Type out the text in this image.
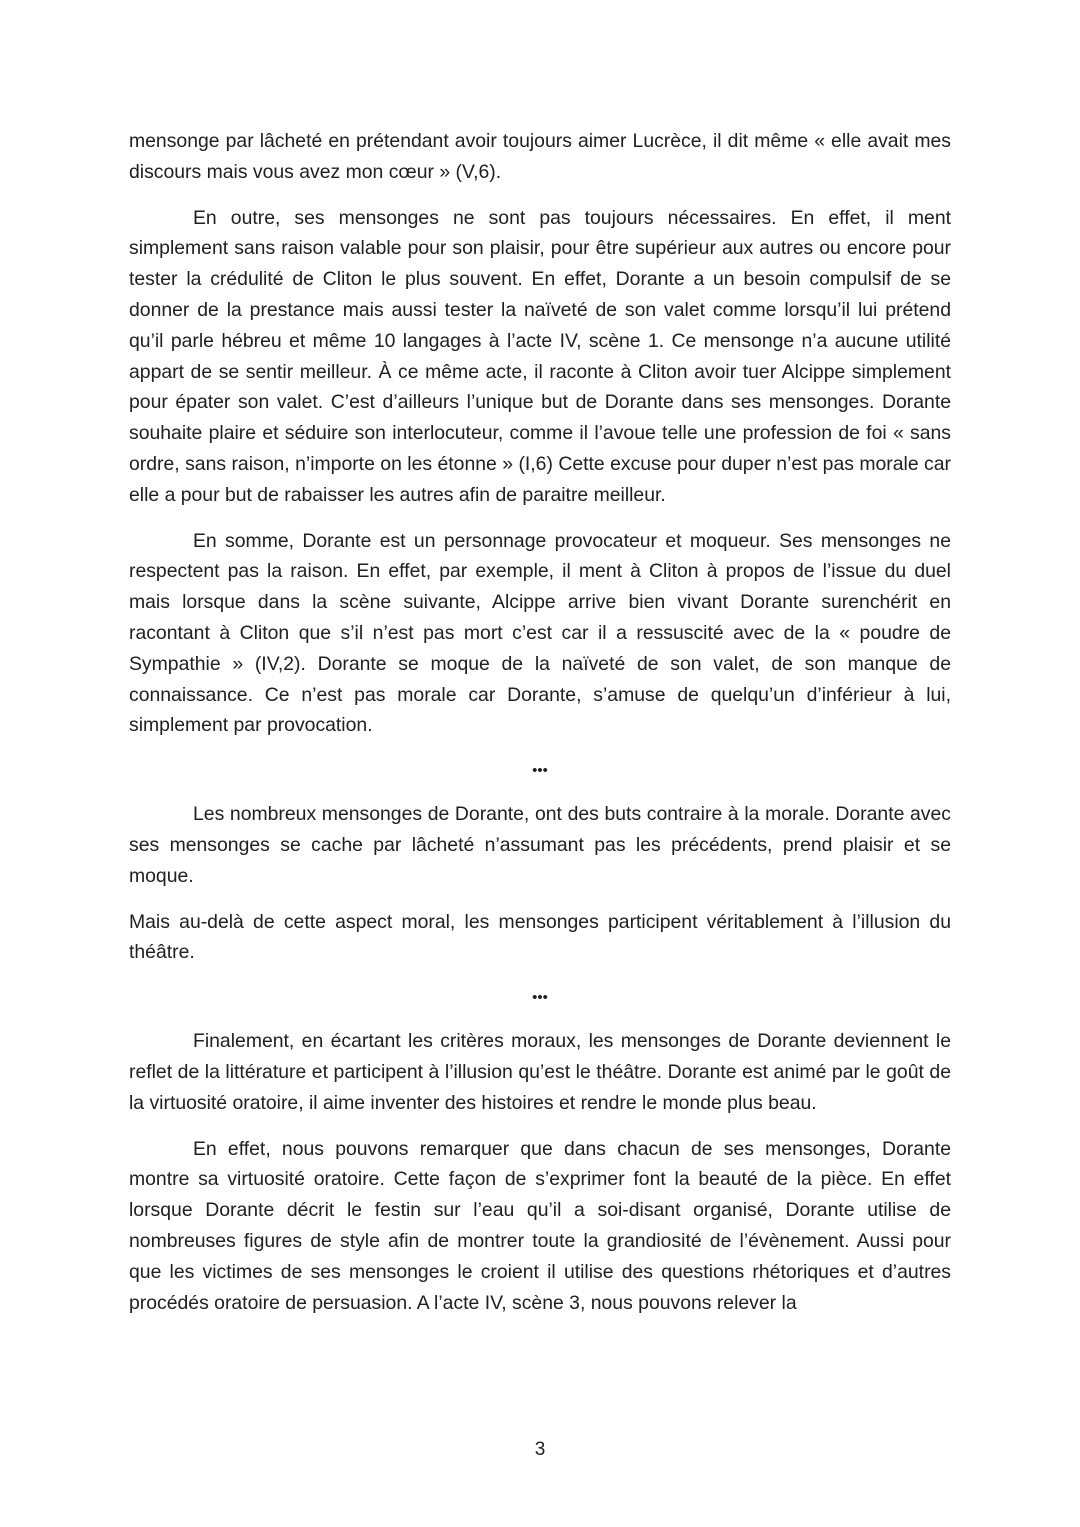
mensonge par lâcheté en prétendant avoir toujours aimer Lucrèce, il dit même « elle avait mes discours mais vous avez mon cœur » (V,6).

En outre, ses mensonges ne sont pas toujours nécessaires. En effet, il ment simplement sans raison valable pour son plaisir, pour être supérieur aux autres ou encore pour tester la crédulité de Cliton le plus souvent. En effet, Dorante a un besoin compulsif de se donner de la prestance mais aussi tester la naïveté de son valet comme lorsqu’il lui prétend qu’il parle hébreu et même 10 langages à l’acte IV, scène 1. Ce mensonge n’a aucune utilité appart de se sentir meilleur. À ce même acte, il raconte à Cliton avoir tuer Alcippe simplement pour épater son valet. C’est d’ailleurs l’unique but de Dorante dans ses mensonges. Dorante souhaite plaire et séduire son interlocuteur, comme il l’avoue telle une profession de foi « sans ordre, sans raison, n’importe on les étonne » (I,6) Cette excuse pour duper n’est pas morale car elle a pour but de rabaisser les autres afin de paraitre meilleur.

En somme, Dorante est un personnage provocateur et moqueur. Ses mensonges ne respectent pas la raison. En effet, par exemple, il ment à Cliton à propos de l’issue du duel mais lorsque dans la scène suivante, Alcippe arrive bien vivant Dorante surenchérit en racontant à Cliton que s’il n’est pas mort c’est car il a ressuscité avec de la « poudre de Sympathie » (IV,2). Dorante se moque de la naïveté de son valet, de son manque de connaissance. Ce n’est pas morale car Dorante, s’amuse de quelqu’un d’inférieur à lui, simplement par provocation.

•••

Les nombreux mensonges de Dorante, ont des buts contraire à la morale. Dorante avec ses mensonges se cache par lâcheté n’assumant pas les précédents, prend plaisir et se moque.

Mais au-delà de cette aspect moral, les mensonges participent véritablement à l’illusion du théâtre.

•••

Finalement, en écartant les critères moraux, les mensonges de Dorante deviennent le reflet de la littérature et participent à l’illusion qu’est le théâtre. Dorante est animé par le goût de la virtuosité oratoire, il aime inventer des histoires et rendre le monde plus beau.

En effet, nous pouvons remarquer que dans chacun de ses mensonges, Dorante montre sa virtuosité oratoire. Cette façon de s’exprimer font la beauté de la pièce. En effet lorsque Dorante décrit le festin sur l’eau qu’il a soi-disant organisé, Dorante utilise de nombreuses figures de style afin de montrer toute la grandiosité de l’évènement. Aussi pour que les victimes de ses mensonges le croient il utilise des questions rhétoriques et d’autres procédés oratoire de persuasion. A l’acte IV, scène 3, nous pouvons relever la

3
